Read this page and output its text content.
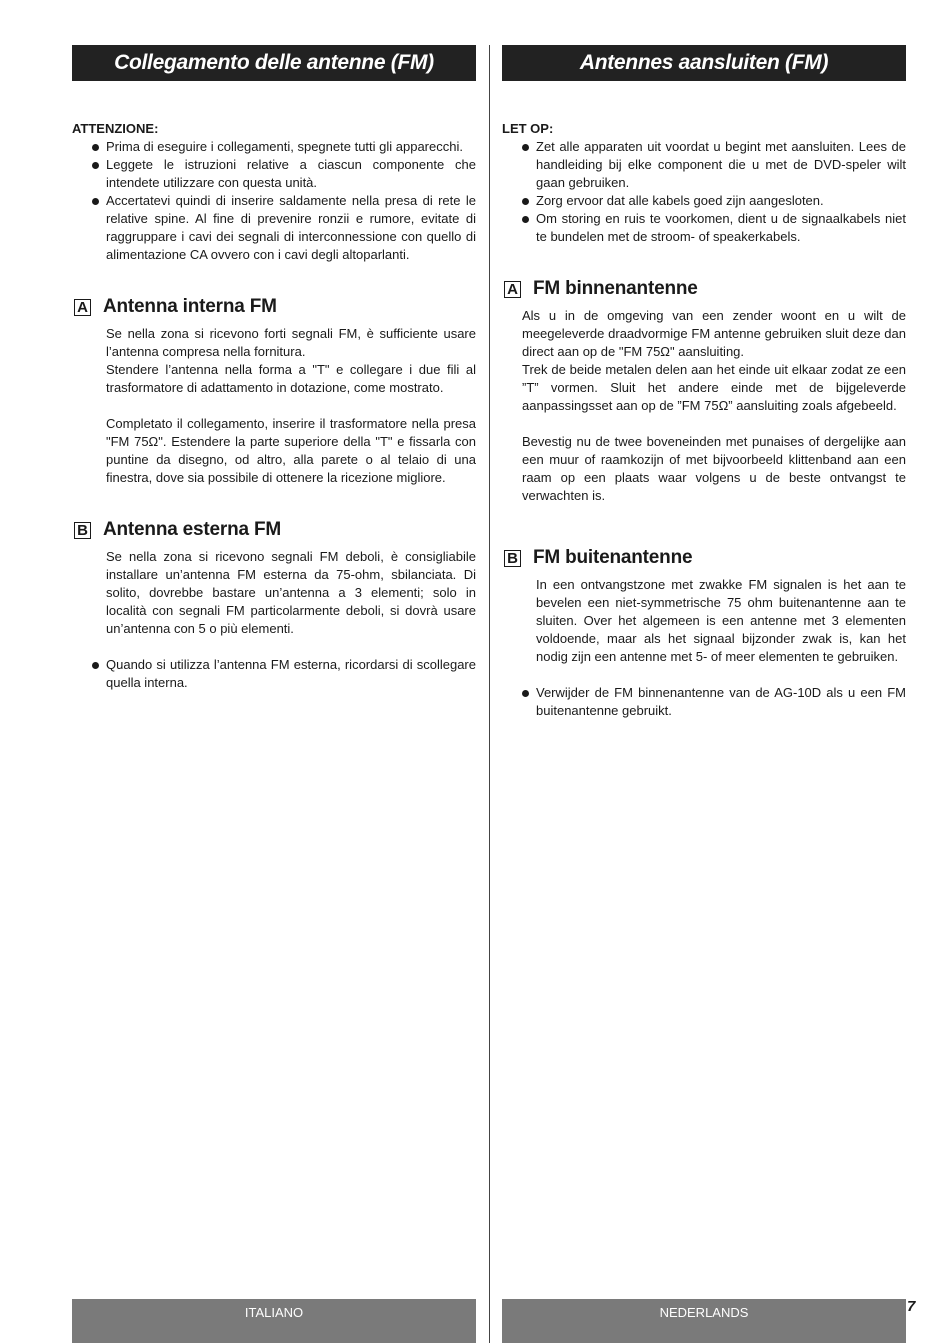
Collegamento delle antenne (FM)
ATTENZIONE:
Prima di eseguire i collegamenti, spegnete tutti gli apparecchi.
Leggete le istruzioni relative a ciascun componente che intendete utilizzare con questa unità.
Accertatevi quindi di inserire saldamente nella presa di rete le relative spine. Al fine di prevenire ronzii e rumore, evitate di raggruppare i cavi dei segnali di interconnessione con quello di alimentazione CA ovvero con i cavi degli altoparlanti.
A Antenna interna FM
Se nella zona si ricevono forti segnali FM, è sufficiente usare l’antenna compresa nella fornitura.
Stendere l’antenna nella forma a "T" e collegare i due fili al trasformatore di adattamento in dotazione, come mostrato.
Completato il collegamento, inserire il trasformatore nella presa "FM 75Ω". Estendere la parte superiore della "T" e fissarla con puntine da disegno, od altro, alla parete o al telaio di una finestra, dove sia possibile di ottenere la ricezione migliore.
B Antenna esterna FM
Se nella zona si ricevono segnali FM deboli, è consigliabile installare un’antenna FM esterna da 75-ohm, sbilanciata. Di solito, dovrebbe bastare un’antenna a 3 elementi; solo in località con segnali FM particolarmente deboli, si dovrà usare un’antenna con 5 o più elementi.
Quando si utilizza l’antenna FM esterna, ricordarsi di scollegare quella interna.
Antennes aansluiten (FM)
LET OP:
Zet alle apparaten uit voordat u begint met aansluiten. Lees de handleiding bij elke component die u met de DVD-speler wilt gaan gebruiken.
Zorg ervoor dat alle kabels goed zijn aangesloten.
Om storing en ruis te voorkomen, dient u de signaalkabels niet te bundelen met de stroom- of speakerkabels.
A FM binnenantenne
Als u in de omgeving van een zender woont en u wilt de meegeleverde draadvormige FM antenne gebruiken sluit deze dan direct aan op de "FM 75Ω" aansluiting.
Trek de beide metalen delen aan het einde uit elkaar zodat ze een ”T” vormen. Sluit het andere einde met de bijgeleverde aanpassingsset aan op de ”FM 75Ω” aansluiting zoals afgebeeld.
Bevestig nu de twee boveneinden met punaises of dergelijke aan een muur of raamkozijn of met bijvoorbeeld klittenband aan een raam op een plaats waar volgens u de beste ontvangst te verwachten is.
B FM buitenantenne
In een ontvangstzone met zwakke FM signalen is het aan te bevelen een niet-symmetrische 75 ohm buitenantenne aan te sluiten. Over het algemeen is een antenne met 3 elementen voldoende, maar als het signaal bijzonder zwak is, kan het nodig zijn een antenne met 5- of meer elementen te gebruiken.
Verwijder de FM binnenantenne van de AG-10D als u een FM buitenantenne gebruikt.
ITALIANO	NEDERLANDS	7
